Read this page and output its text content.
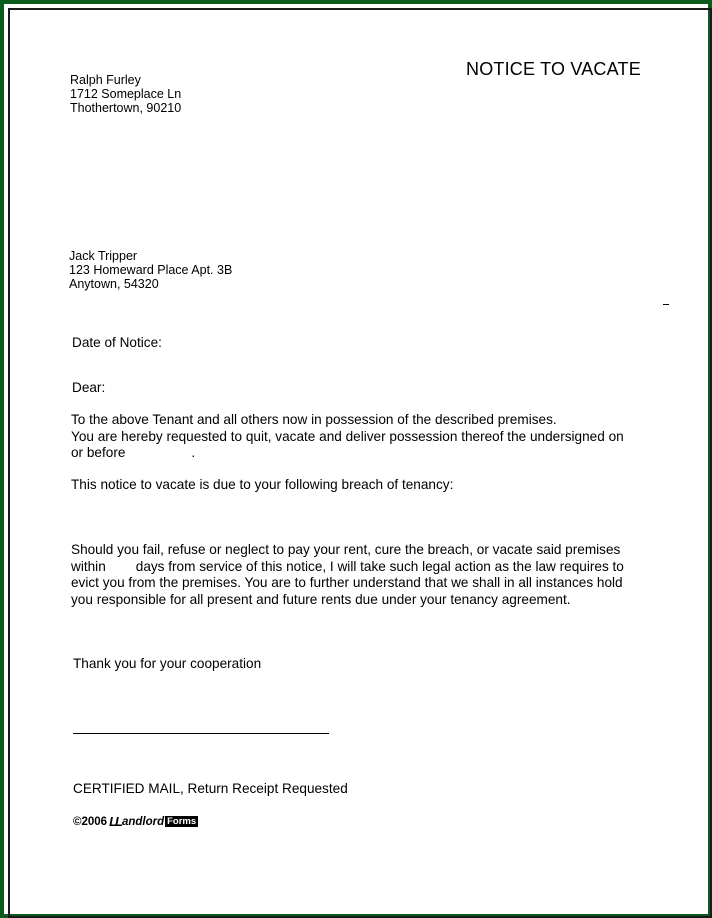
NOTICE TO VACATE
Ralph Furley
1712 Someplace Ln
Thothertown, 90210
Jack Tripper
123 Homeward Place Apt. 3B
Anytown, 54320
Date of Notice:
Dear:
To the above Tenant and all others now in possession of the described premises.
You are hereby requested to quit, vacate and deliver possession thereof the undersigned on
or before	.
This notice to vacate is due to your following breach of tenancy:
Should you fail, refuse or neglect to pay your rent, cure the breach, or vacate said premises
within days from service of this notice, I will take such legal action as the law requires to
evict you from the premises. You are to further understand that we shall in all instances hold
you responsible for all present and future rents due under your tenancy agreement.
Thank you for your cooperation
CERTIFIED MAIL, Return Receipt Requested
©2006 LL andlord Forms
